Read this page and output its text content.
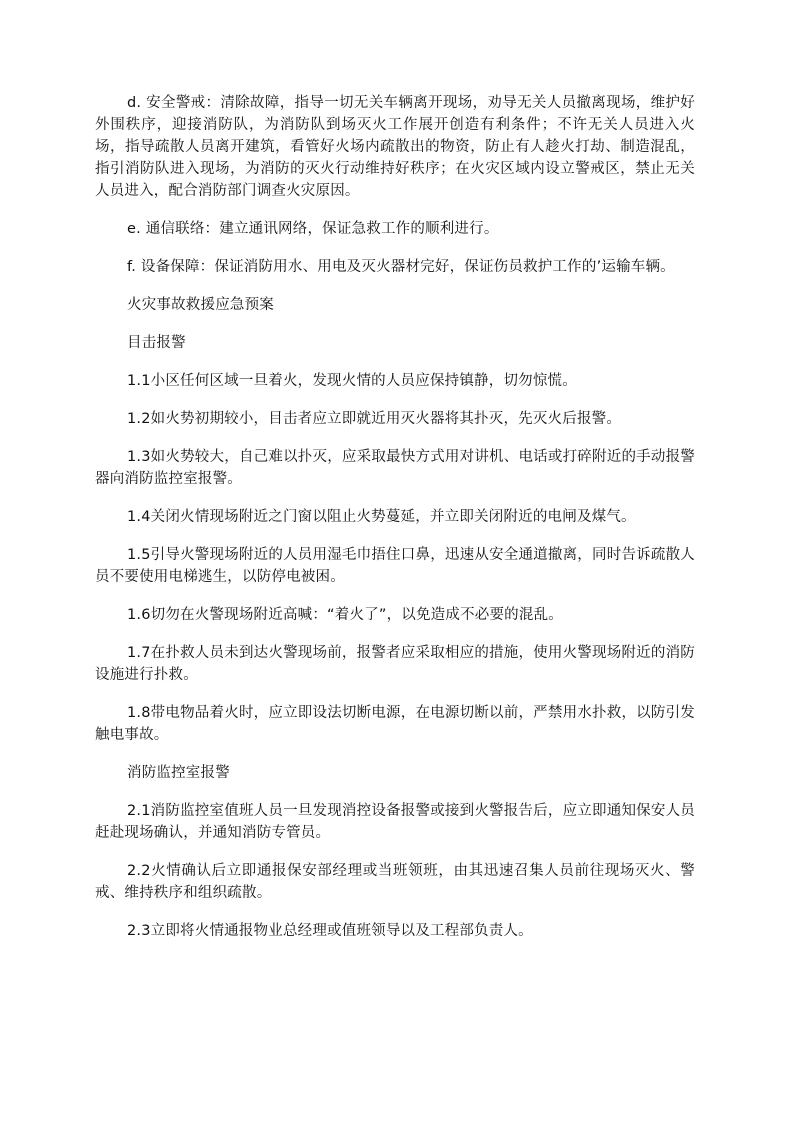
d. 安全警戒：清除故障，指导一切无关车辆离开现场，劝导无关人员撤离现场，维护好外围秩序，迎接消防队，为消防队到场灭火工作展开创造有利条件；不许无关人员进入火场，指导疏散人员离开建筑，看管好火场内疏散出的物资，防止有人趁火打劫、制造混乱，指引消防队进入现场，为消防的灭火行动维持好秩序；在火灾区域内设立警戒区，禁止无关人员进入，配合消防部门调查火灾原因。

e. 通信联络：建立通讯网络，保证急救工作的顺利进行。

f. 设备保障：保证消防用水、用电及灭火器材完好，保证伤员救护工作的’运输车辆。

火灾事故救援应急预案

目击报警

1.1小区任何区域一旦着火，发现火情的人员应保持镇静，切勿惊慌。

1.2如火势初期较小，目击者应立即就近用灭火器将其扑灭，先灭火后报警。

1.3如火势较大，自己难以扑灭，应采取最快方式用对讲机、电话或打碎附近的手动报警器向消防监控室报警。

1.4关闭火情现场附近之门窗以阻止火势蔓延，并立即关闭附近的电闸及煤气。

1.5引导火警现场附近的人员用湿毛巾捂住口鼻，迅速从安全通道撤离，同时告诉疏散人员不要使用电梯逃生，以防停电被困。

1.6切勿在火警现场附近高喊：“着火了”，以免造成不必要的混乱。

1.7在扑救人员未到达火警现场前，报警者应采取相应的措施，使用火警现场附近的消防设施进行扑救。

1.8带电物品着火时，应立即设法切断电源，在电源切断以前，严禁用水扑救，以防引发触电事故。

消防监控室报警

2.1消防监控室值班人员一旦发现消控设备报警或接到火警报告后，应立即通知保安人员赶赴现场确认，并通知消防专管员。

2.2火情确认后立即通报保安部经理或当班领班，由其迅速召集人员前往现场灭火、警戒、维持秩序和组织疏散。

2.3立即将火情通报物业总经理或值班领导以及工程部负责人。
